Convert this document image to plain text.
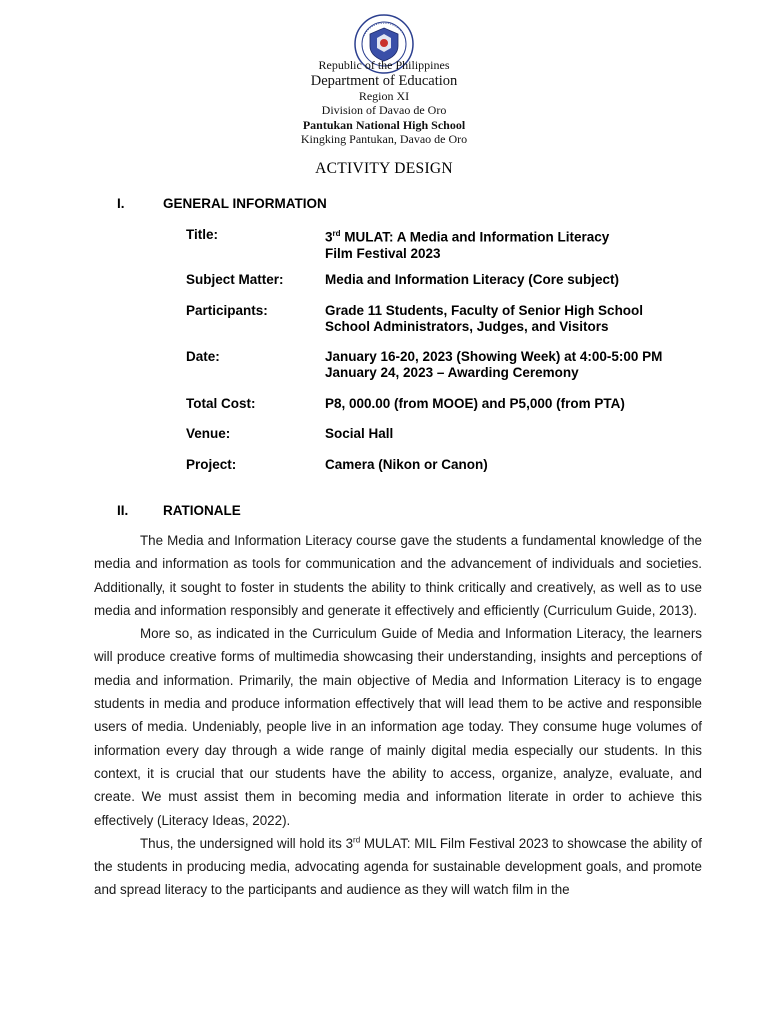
Republic of the Philippines
Department of Education
Region XI
Division of Davao de Oro
Pantukan National High School
Kingking Pantukan, Davao de Oro
ACTIVITY DESIGN
I.	GENERAL INFORMATION
Title:	3rd MULAT: A Media and Information Literacy
Film Festival 2023
Subject Matter:	Media and Information Literacy (Core subject)
Participants:	Grade 11 Students, Faculty of Senior High School
School Administrators, Judges, and Visitors
Date:	January 16-20, 2023 (Showing Week) at 4:00-5:00 PM
January 24, 2023 – Awarding Ceremony
Total Cost:	P8, 000.00 (from MOOE) and P5,000 (from PTA)
Venue:	Social Hall
Project:	Camera (Nikon or Canon)
II.	RATIONALE

The Media and Information Literacy course gave the students a fundamental knowledge of the media and information as tools for communication and the advancement of individuals and societies. Additionally, it sought to foster in students the ability to think critically and creatively, as well as to use media and information responsibly and generate it effectively and efficiently (Curriculum Guide, 2013).

More so, as indicated in the Curriculum Guide of Media and Information Literacy, the learners will produce creative forms of multimedia showcasing their understanding, insights and perceptions of media and information. Primarily, the main objective of Media and Information Literacy is to engage students in media and produce information effectively that will lead them to be active and responsible users of media. Undeniably, people live in an information age today. They consume huge volumes of information every day through a wide range of mainly digital media especially our students. In this context, it is crucial that our students have the ability to access, organize, analyze, evaluate, and create. We must assist them in becoming media and information literate in order to achieve this effectively (Literacy Ideas, 2022).

Thus, the undersigned will hold its 3rd MULAT: MIL Film Festival 2023 to showcase the ability of the students in producing media, advocating agenda for sustainable development goals, and promote and spread literacy to the participants and audience as they will watch film in the
